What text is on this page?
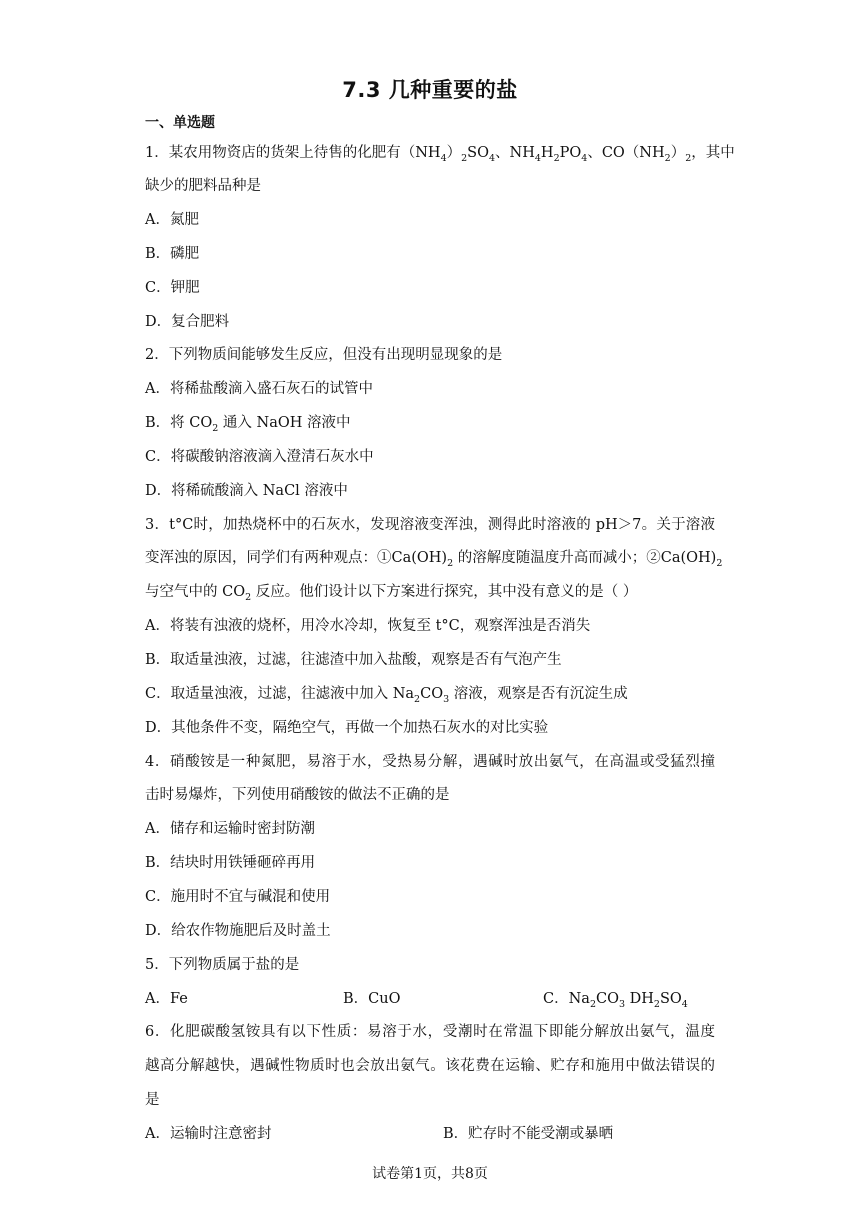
7.3 几种重要的盐
一、单选题
1．某农用物资店的货架上待售的化肥有$(NH_4)_2SO_4$、$NH_4H_2PO_4$、$CO(NH_2)_2$，其中
缺少的肥料品种是
A．氮肥
B．磷肥
C．钾肥
D．复合肥料
2．下列物质间能够发生反应，但没有出现明显现象的是
A．将稀盐酸滴入盛石灰石的试管中
B．将 $CO_2$ 通入 NaOH 溶液中
C．将碳酸钠溶液滴入澄清石灰水中
D．将稀硫酸滴入 NaCl 溶液中
3．t°C时，加热烧杯中的石灰水，发现溶液变浑浊，测得此时溶液的 pH＞7。关于溶液
变浑浊的原因，同学们有两种观点：$①Ca(OH)_2$ 的溶解度随温度升高而减小；$②Ca(OH)_2$
与空气中的 $CO_2$ 反应。他们设计以下方案进行探究，其中没有意义的是（ ）
A．将装有浊液的烧杯，用冷水冷却，恢复至 t°C，观察浑浊是否消失
B．取适量浊液，过滤，往滤渣中加入盐酸，观察是否有气泡产生
C．取适量浊液，过滤，往滤液中加入 $Na_2CO_3$ 溶液，观察是否有沉淀生成
D．其他条件不变，隔绝空气，再做一个加热石灰水的对比实验
4．硝酸铵是一种氮肥，易溶于水，受热易分解，遇碱时放出氨气，在高温或受猛烈撞
击时易爆炸，下列使用硝酸铵的做法不正确的是
A．储存和运输时密封防潮
B．结块时用铁锤砸碎再用
C．施用时不宜与碱混和使用
D．给农作物施肥后及时盖土
5．下列物质属于盐的是
A．Fe	B．CuO	C．$Na_2CO_3$ $DH_2SO_4$
6．化肥碳酸氢铵具有以下性质：易溶于水，受潮时在常温下即能分解放出氨气，温度
越高分解越快，遇碱性物质时也会放出氨气。该花费在运输、贮存和施用中做法错误的
是
A．运输时注意密封	B．贮存时不能受潮或暴晒
试卷第1页，共8页
